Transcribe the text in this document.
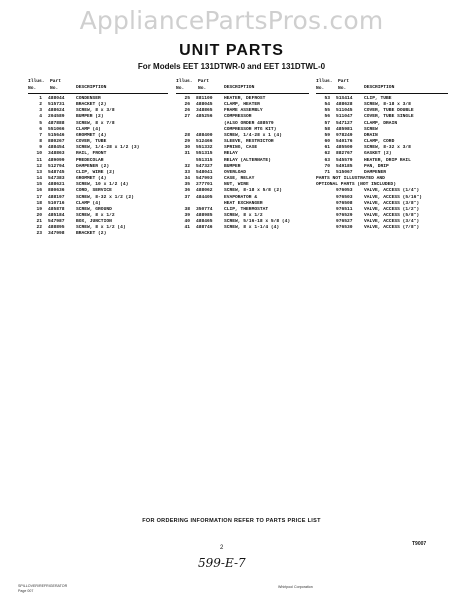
AppliancePartsPros.com
UNIT PARTS
For Models EET 131DTWR-0 and EET 131DTWL-0
Illus.
No.
Part
No.	DESCRIPTION
1	488044	CONDENSER
2	515731	BRACKET (2)
3	488624	SCREW, 8 x 3/8
4	204589	BUMPER (2)
5	487888	SCREW, 8 x 7/8
6	551066	CLAMP (4)
7	515646	GROMMET (4)
8	880267	COVER, TUBE
9	488454	SCREW, 1/4-28 x 1/2 (3)
10	348863	RAIL, FRONT
11	489099	PREDECOLAR
12	512794	DAMPENER (2)
13	548745	CLIP, WIRE (2)
14	547383	GROMMET (4)
15	488621	SCREW, 10 x 1/2 (4)
16	880636	CORD, SERVICE
17	488197	SCREW, 8-32 x 1/2 (2)
18	510716	CLAMP (4)
19	485878	SCREW, GROUND
20	485184	SCREW, 8 x 1/2
21	547987	BOX, JUNCTION
22	488895	SCREW, 8 x 1/2 (4)
23	347998	BRACKET (2)
Illus.
No.
Part
No.	DESCRIPTION
25	881100	HEATER, DEFROST
26	488045	CLAMP, HEATER
26	348865	FRAME ASSEMBLY
27	485256	COMPRESSOR
(ALSO ORDER 488579
COMPRESSOR MTG KIT)
28	488400	SCREW, 1/4-28 x 1 (4)
29	512466	SLEEVE, RESTRICTOR
30	551332	SPRING, CASE
31	551315	RELAY
551315	RELAY (ALTERNATE)
32	547327	BUMPER
33	548041	OVERLOAD
34	547993	CASE, RELAY
35	277701	NUT, WIRE
36	488062	SCREW, 8-18 x 5/8 (2)
37	484405	EVAPORATOR &
HEAT EXCHANGER
38	350774	CLIP, THERMOSTAT
39	488985	SCREW, 8 x 1/2
40	488465	SCREW, 5/16-18 x 5/8 (4)
41	488746	SCREW, 8 x 1-1/4 (4)
Illus.
No.
Part
No.	DESCRIPTION
53	51S414	CLIP, TUBE
54	488628	SCREW, 8-18 x 3/8
55	511045	COVER, TUBE DOUBLE
56	511047	COVER, TUBE SINGLE
57	547127	CLAMP, DRAIN
58	485981	SCREW
59	978249	DRAIN
60	540176	CLAMP, CORD
61	485500	SCREW, 8-32 x 3/8
62	882767	GASKET (2)
63	545579	HEATER, DRIP RAIL
70	549185	PAN, DRIP
71	515067	DAMPENER
PARTS NOT ILLUSTRATED AND
OPTIONAL PARTS (NOT INCLUDED)
976053	VALVE, ACCESS (1/4")
976503	VALVE, ACCESS (5/16")
976508	VALVE, ACCESS (3/8")
976511	VALVE, ACCESS (1/2")
976529	VALVE, ACCESS (5/8")
976527	VALVE, ACCESS (3/4")
976530	VALVE, ACCESS (7/8")
FOR ORDERING INFORMATION REFER TO PARTS PRICE LIST
2
T9007
599-E-7
SPILLOVER/REFRIGERATOR
Page 007
Whirlpool Corporation
